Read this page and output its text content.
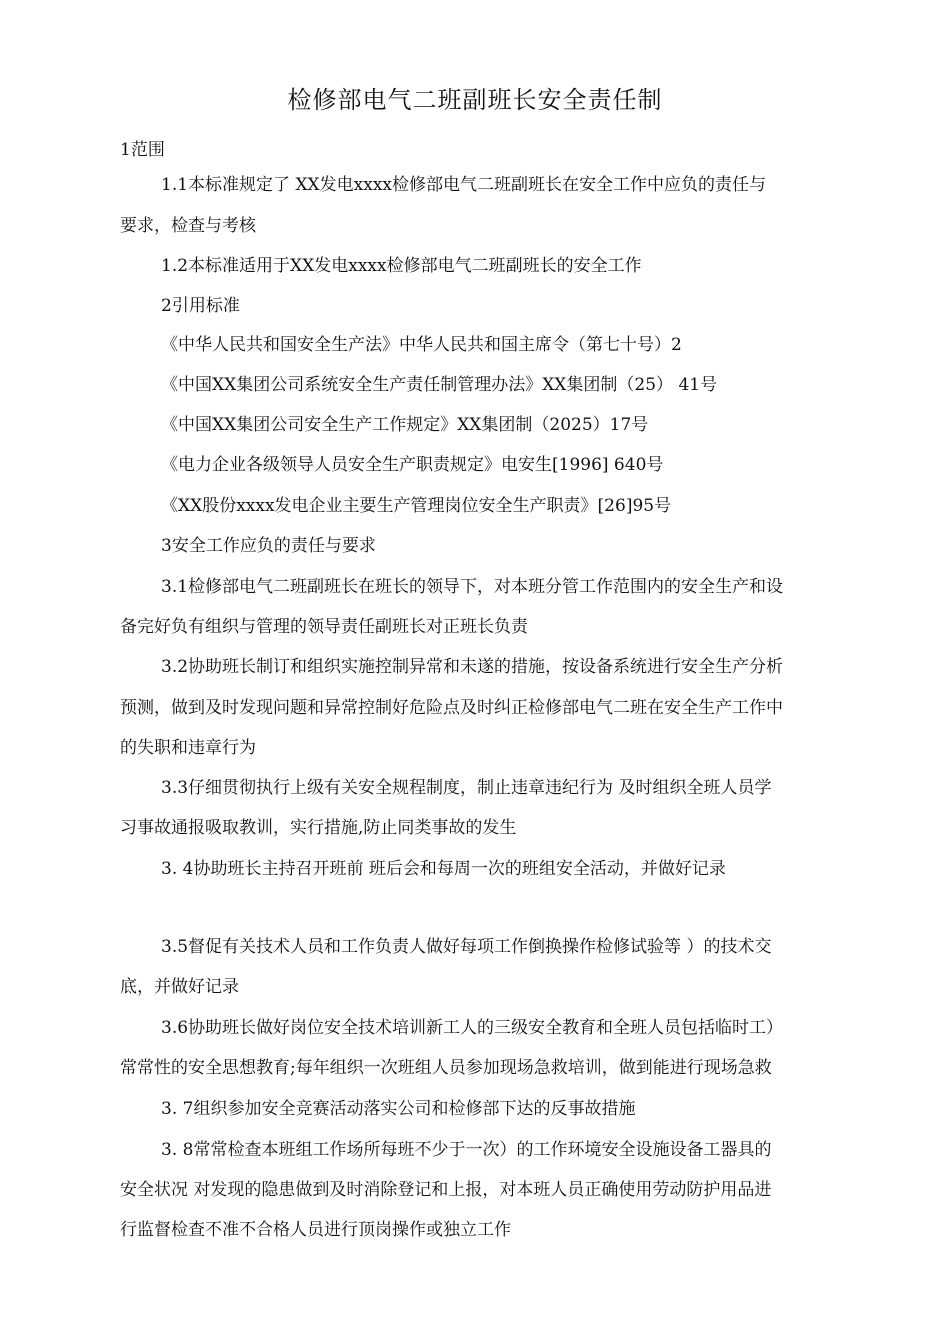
检修部电气二班副班长安全责任制
1范围
1.1本标准规定了 XX发电xxxx检修部电气二班副班长在安全工作中应负的责任与
要求，检查与考核
1.2本标准适用于XX发电xxxx检修部电气二班副班长的安全工作
2引用标准
《中华人民共和国安全生产法》中华人民共和国主席令（第七十号）2
《中国XX集团公司系统安全生产责任制管理办法》XX集团制（25） 41号
《中国XX集团公司安全生产工作规定》XX集团制（2025）17号
《电力企业各级领导人员安全生产职责规定》电安生[1996] 640号
《XX股份xxxx发电企业主要生产管理岗位安全生产职责》[26]95号
3安全工作应负的责任与要求
3.1检修部电气二班副班长在班长的领导下，对本班分管工作范围内的安全生产和设
备完好负有组织与管理的领导责任副班长对正班长负责
3.2协助班长制订和组织实施控制异常和未遂的措施，按设备系统进行安全生产分析
预测，做到及时发现问题和异常控制好危险点及时纠正检修部电气二班在安全生产工作中
的失职和违章行为
3.3仔细贯彻执行上级有关安全规程制度，制止违章违纪行为 及时组织全班人员学
习事故通报吸取教训，实行措施,防止同类事故的发生
3. 4协助班长主持召开班前 班后会和每周一次的班组安全活动，并做好记录
3.5督促有关技术人员和工作负责人做好每项工作倒换操作检修试验等 ）的技术交
底，并做好记录
3.6协助班长做好岗位安全技术培训新工人的三级安全教育和全班人员包括临时工）
常常性的安全思想教育;每年组织一次班组人员参加现场急救培训，做到能进行现场急救
3. 7组织参加安全竞赛活动落实公司和检修部下达的反事故措施
3. 8常常检查本班组工作场所每班不少于一次）的工作环境安全设施设备工器具的
安全状况 对发现的隐患做到及时消除登记和上报，对本班人员正确使用劳动防护用品进
行监督检查不准不合格人员进行顶岗操作或独立工作
